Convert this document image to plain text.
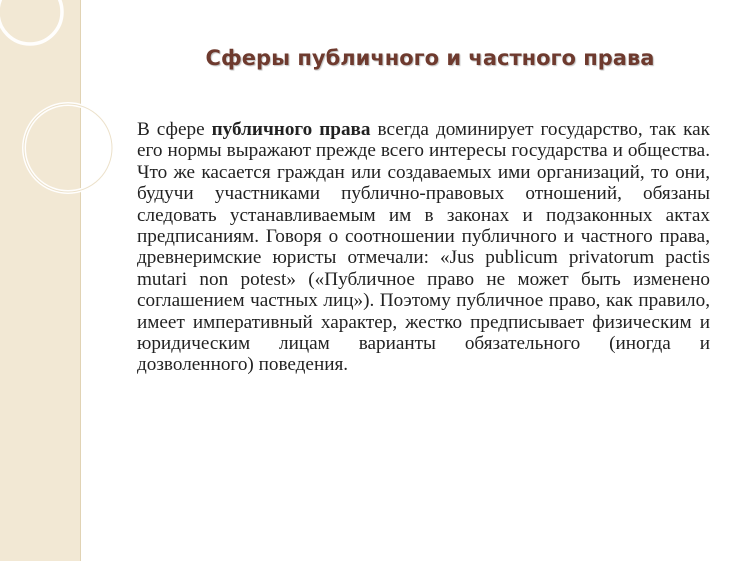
Сферы публичного и частного права

В сфере публичного права всегда доминирует государство, так как его нормы выражают прежде всего интересы государства и общества. Что же касается граждан или создаваемых ими организаций, то они, будучи участниками публично-правовых отношений, обязаны следовать устанавливаемым им в законах и подзаконных актах предписаниям. Говоря о соотношении публичного и частного права, древнеримские юристы отмечали: «Jus publicum privatorum pactis mutari non potest» («Публичное право не может быть изменено соглашением частных лиц»). Поэтому публичное право, как правило, имеет императивный характер, жестко предписывает физическим и юридическим лицам варианты обязательного (иногда и дозволенного) поведения.
